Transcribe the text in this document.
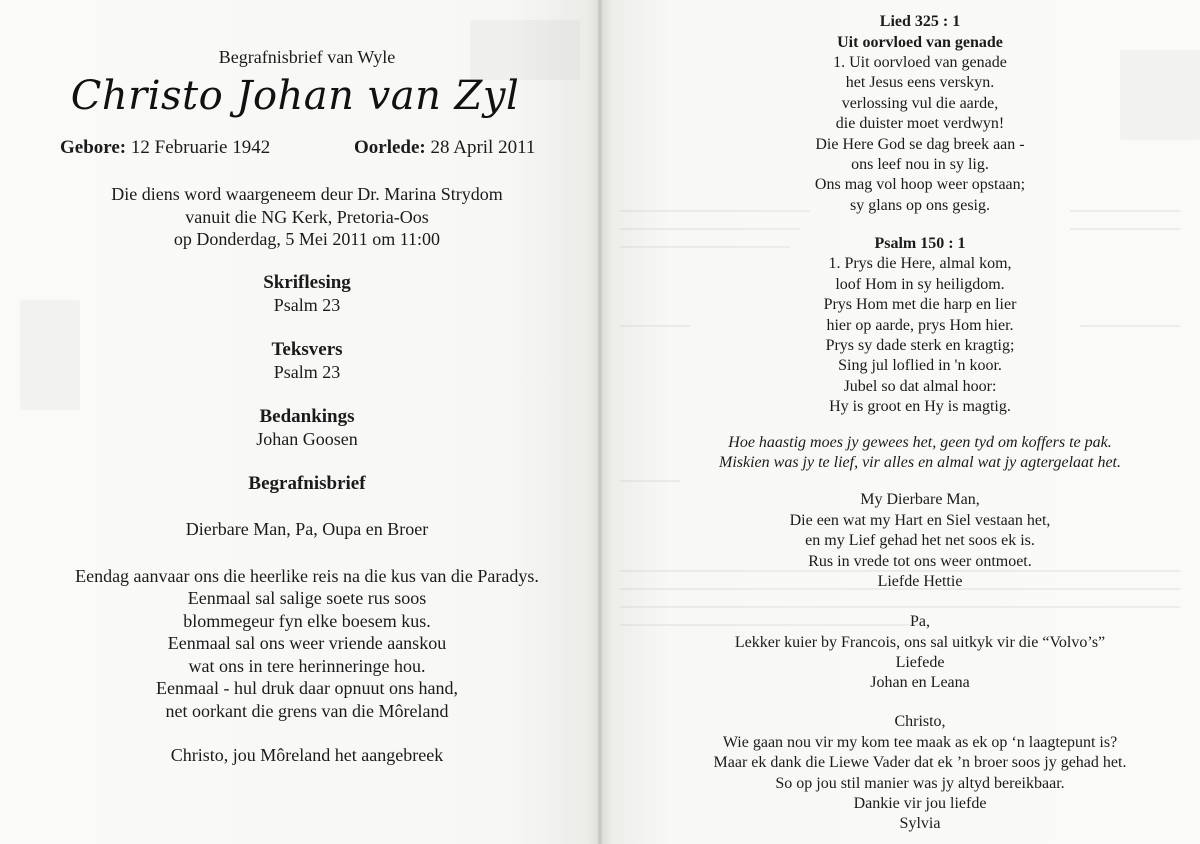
Begrafnisbrief van Wyle
Christo Johan van Zyl
Gebore: 12 Februarie 1942	Oorlede: 28 April 2011
Die diens word waargeneem deur Dr. Marina Strydom
vanuit die NG Kerk, Pretoria-Oos
op Donderdag, 5 Mei 2011 om 11:00
Skriflesing
Psalm 23
Teksvers
Psalm 23
Bedankings
Johan Goosen
Begrafnisbrief
Dierbare Man, Pa, Oupa en Broer
Eendag aanvaar ons die heerlike reis na die kus van die Paradys.
Eenmaal sal salige soete rus soos
blommegeur fyn elke boesem kus.
Eenmaal sal ons weer vriende aanskou
wat ons in tere herinneringe hou.
Eenmaal - hul druk daar opnuut ons hand,
net oorkant die grens van die Môreland
Christo, jou Môreland het aangebreek
Lied 325 : 1
Uit oorvloed van genade
1. Uit oorvloed van genade
het Jesus eens verskyn.
verlossing vul die aarde,
die duister moet verdwyn!
Die Here God se dag breek aan -
ons leef nou in sy lig.
Ons mag vol hoop weer opstaan;
sy glans op ons gesig.
Psalm 150 : 1
1. Prys die Here, almal kom,
loof Hom in sy heiligdom.
Prys Hom met die harp en lier
hier op aarde, prys Hom hier.
Prys sy dade sterk en kragtig;
Sing jul loflied in 'n koor.
Jubel so dat almal hoor:
Hy is groot en Hy is magtig.
Hoe haastig moes jy gewees het, geen tyd om koffers te pak.
Miskien was jy te lief, vir alles en almal wat jy agtergelaat het.
My Dierbare Man,
Die een wat my Hart en Siel vestaan het,
en my Lief gehad het net soos ek is.
Rus in vrede tot ons weer ontmoet.
Liefde Hettie
Pa,
Lekker kuier by Francois, ons sal uitkyk vir die “Volvo’s”
Liefede
Johan en Leana
Christo,
Wie gaan nou vir my kom tee maak as ek op ‘n laagtepunt is?
Maar ek dank die Liewe Vader dat ek ’n broer soos jy gehad het.
So op jou stil manier was jy altyd bereikbaar.
Dankie vir jou liefde
Sylvia
